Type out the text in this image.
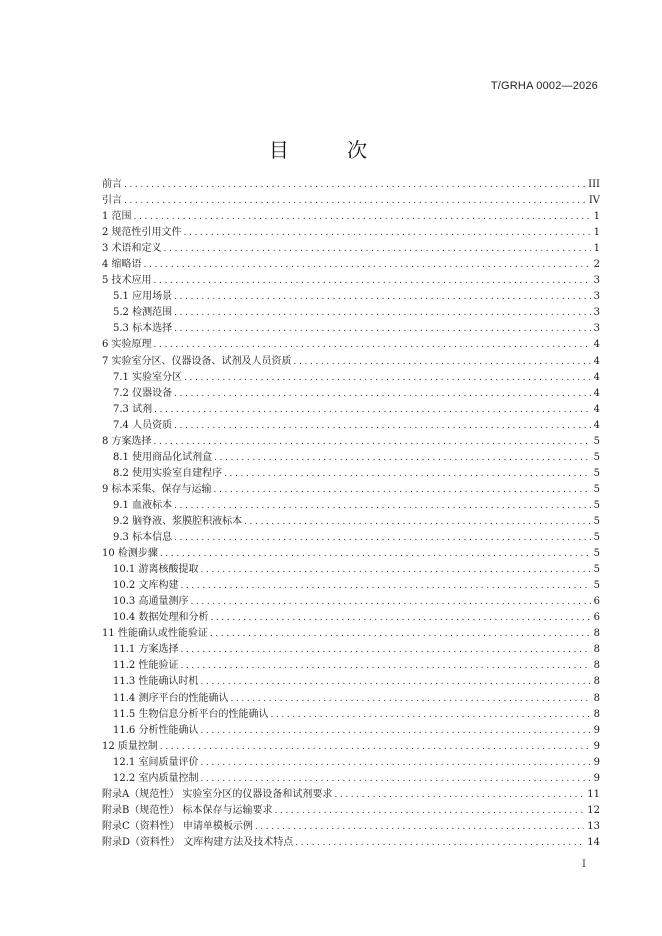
T/GRHA 0002—2026
目 次
前言 .....	III
引言 .....	IV
1 范围 .....	1
2 规范性引用文件 .....	1
3 术语和定义 .....	1
4 缩略语 .....	2
5 技术应用 .....	3
5.1 应用场景 .....	3
5.2 检测范围 .....	3
5.3 标本选择 .....	3
6 实验原理 .....	4
7 实验室分区、仪器设备、试剂及人员资质 .....	4
7.1 实验室分区 .....	4
7.2 仪器设备 .....	4
7.3 试剂 .....	4
7.4 人员资质 .....	4
8 方案选择 .....	5
8.1 使用商品化试剂盒 .....	5
8.2 使用实验室自建程序 .....	5
9 标本采集、保存与运输 .....	5
9.1 血液标本 .....	5
9.2 脑脊液、浆膜腔积液标本 .....	5
9.3 标本信息 .....	5
10 检测步骤 .....	5
10.1 游离核酸提取 .....	5
10.2 文库构建 .....	5
10.3 高通量测序 .....	6
10.4 数据处理和分析 .....	6
11 性能确认或性能验证 .....	8
11.1 方案选择 .....	8
11.2 性能验证 .....	8
11.3 性能确认时机 .....	8
11.4 测序平台的性能确认 .....	8
11.5 生物信息分析平台的性能确认 .....	8
11.6 分析性能确认 .....	9
12 质量控制 .....	9
12.1 室间质量评价 .....	9
12.2 室内质量控制 .....	9
附录A（规范性） 实验室分区的仪器设备和试剂要求 .....	11
附录B（规范性） 标本保存与运输要求 .....	12
附录C（资料性） 申请单模板示例 .....	13
附录D（资料性） 文库构建方法及技术特点 .....	14
I
